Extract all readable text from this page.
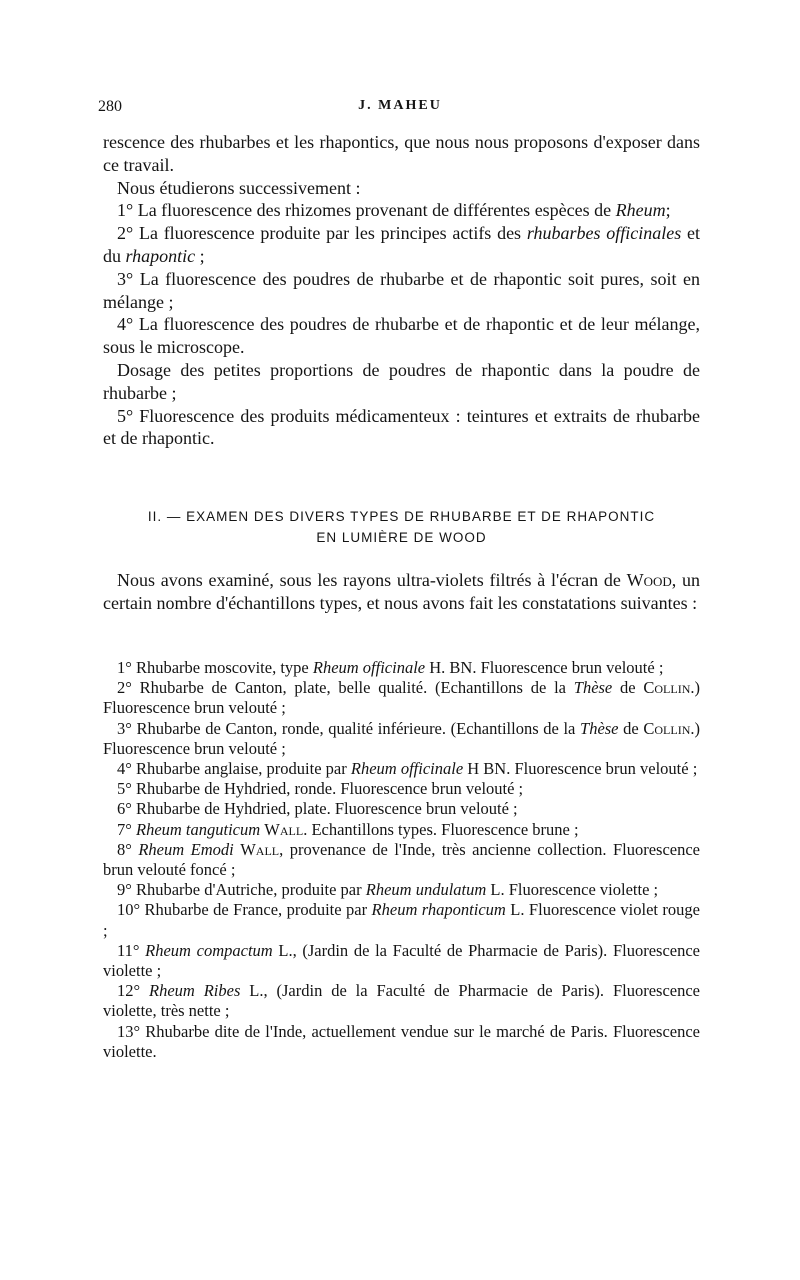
280	J. MAHEU

rescence des rhubarbes et les rhapontics, que nous nous proposons d'exposer dans ce travail.

Nous étudierons successivement :

1° La fluorescence des rhizomes provenant de différentes espèces de Rheum;

2° La fluorescence produite par les principes actifs des rhubarbes officinales et du rhapontic ;

3° La fluorescence des poudres de rhubarbe et de rhapontic soit pures, soit en mélange ;

4° La fluorescence des poudres de rhubarbe et de rhapontic et de leur mélange, sous le microscope.

Dosage des petites proportions de poudres de rhapontic dans la poudre de rhubarbe ;

5° Fluorescence des produits médicamenteux : teintures et extraits de rhubarbe et de rhapontic.

II. — EXAMEN DES DIVERS TYPES DE RHUBARBE ET DE RHAPONTIC
EN LUMIÈRE DE WOOD

Nous avons examiné, sous les rayons ultra-violets filtrés à l'écran de Wood, un certain nombre d'échantillons types, et nous avons fait les constatations suivantes :

1° Rhubarbe moscovite, type Rheum officinale H. BN. Fluorescence brun velouté ;

2° Rhubarbe de Canton, plate, belle qualité. (Echantillons de la Thèse de Collin.) Fluorescence brun velouté ;

3° Rhubarbe de Canton, ronde, qualité inférieure. (Echantillons de la Thèse de Collin.) Fluorescence brun velouté ;

4° Rhubarbe anglaise, produite par Rheum officinale H BN. Fluorescence brun velouté ;

5° Rhubarbe de Hyhdried, ronde. Fluorescence brun velouté ;

6° Rhubarbe de Hyhdried, plate. Fluorescence brun velouté ;

7° Rheum tanguticum Wall. Echantillons types. Fluorescence brune ;

8° Rheum Emodi Wall, provenance de l'Inde, très ancienne collection. Fluorescence brun velouté foncé ;

9° Rhubarbe d'Autriche, produite par Rheum undulatum L. Fluorescence violette ;

10° Rhubarbe de France, produite par Rheum rhaponticum L. Fluorescence violet rouge ;

11° Rheum compactum L., (Jardin de la Faculté de Pharmacie de Paris). Fluorescence violette ;

12° Rheum Ribes L., (Jardin de la Faculté de Pharmacie de Paris). Fluorescence violette, très nette ;

13° Rhubarbe dite de l'Inde, actuellement vendue sur le marché de Paris. Fluorescence violette.
